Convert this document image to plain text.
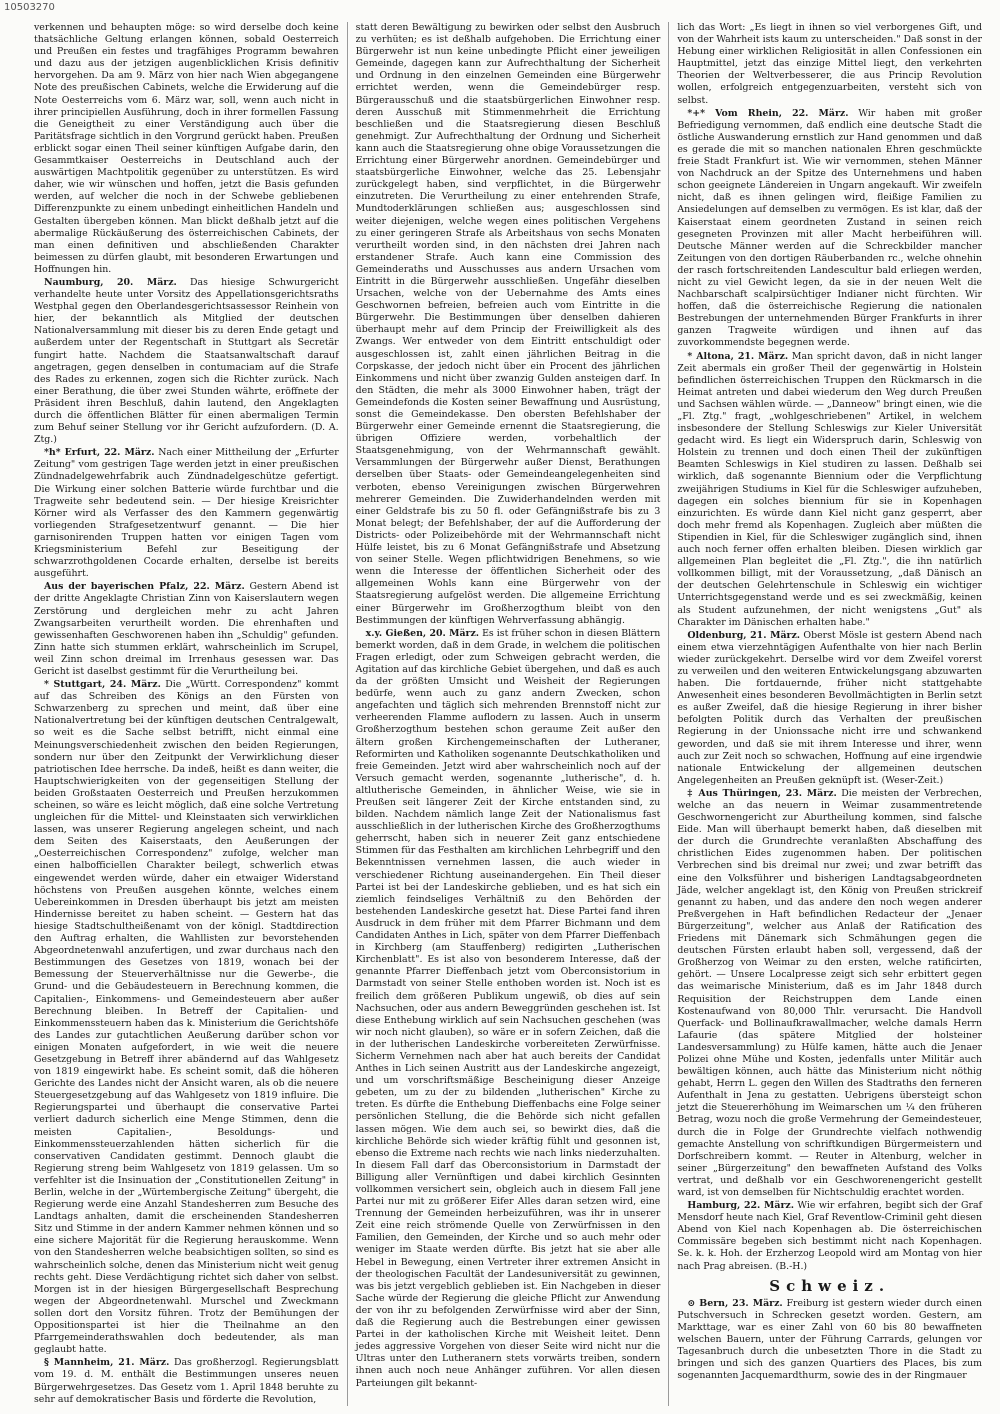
10503270

verkennen und behaupten möge: so wird derselbe doch keine thatsächliche Geltung erlangen können, sobald Oesterreich und Preußen ein festes und tragfähiges Programm bewahren und dazu aus der jetzigen augenblicklichen Krisis definitiv hervorgehen. Da am 9. März von hier nach Wien abgegangene Note des preußischen Cabinets, welche die Erwiderung auf die Note Oesterreichs vom 6. März war, soll, wenn auch nicht in ihrer principiellen Ausführung, doch in ihrer formellen Fassung die Geneigtheit zu einer Verständigung auch über die Paritätsfrage sichtlich in den Vorgrund gerückt haben. Preußen erblickt sogar einen Theil seiner künftigen Aufgabe darin, den Gesammtkaiser Oesterreichs in Deutschland auch der auswärtigen Machtpolitik gegenüber zu unterstützen. Es wird daher, wie wir wünschen und hoffen, jetzt die Basis gefunden werden, auf welcher die noch in der Schwebe gebliebenen Differenzpunkte zu einem unbedingt einheitlichen Handeln und Gestalten übergeben können. Man blickt deßhalb jetzt auf die abermalige Rückäußerung des österreichischen Cabinets, der man einen definitiven und abschließenden Charakter beimessen zu dürfen glaubt, mit besonderen Erwartungen und Hoffnungen hin.

Naumburg, 20. März. Das hiesige Schwurgericht verhandelte heute unter Vorsitz des Appellationsgerichtsraths Westphal gegen den Oberlandesgerichtsassessor Reinhein von hier, der bekanntlich als Mitglied der deutschen Nationalversammlung mit dieser bis zu deren Ende getagt und außerdem unter der Regentschaft in Stuttgart als Secretär fungirt hatte. Nachdem die Staatsanwaltschaft darauf angetragen, gegen denselben in contumaciam auf die Strafe des Rades zu erkennen, zogen sich die Richter zurück. Nach einer Berathung, die über zwei Stunden währte, eröffnete der Präsident ihren Beschluß, dahin lautend, den Angeklagten durch die öffentlichen Blätter für einen abermaligen Termin zum Behuf seiner Stellung vor ihr Gericht aufzufordern. (D. A. Ztg.)

*h* Erfurt, 22. März. Nach einer Mittheilung der „Erfurter Zeitung" vom gestrigen Tage werden jetzt in einer preußischen Zündnadelgewehrfabrik auch Zündnadelgeschütze gefertigt. Die Wirkung einer solchen Batterie würde furchtbar und die Tragweite sehr bedeutend sein. — Der hiesige Kreisrichter Körner wird als Verfasser des den Kammern gegenwärtig vorliegenden Strafgesetzentwurf genannt. — Die hier garnisonirenden Truppen hatten vor einigen Tagen vom Kriegsministerium Befehl zur Beseitigung der schwarzrothgoldenen Cocarde erhalten, derselbe ist bereits ausgeführt.

Aus der bayerischen Pfalz, 22. März. Gestern Abend ist der dritte Angeklagte Christian Zinn von Kaiserslautern wegen Zerstörung und dergleichen mehr zu acht Jahren Zwangsarbeiten verurtheilt worden. Die ehrenhaften und gewissenhaften Geschworenen haben ihn „Schuldig" gefunden. Zinn hatte sich stummen erklärt, wahrscheinlich im Scrupel, weil Zinn schon dreimal im Irrenhaus gesessen war. Das Gericht ist daselbst gestimmt für die Verurtheilung bei.

* Stuttgart, 24. März. Die „Württ. Correspondenz" kommt auf das Schreiben des Königs an den Fürsten von Schwarzenberg zu sprechen und meint, daß über eine Nationalvertretung bei der künftigen deutschen Centralgewalt, so weit es die Sache selbst betrifft, nicht einmal eine Meinungsverschiedenheit zwischen den beiden Regierungen, sondern nur über den Zeitpunkt der Verwirklichung dieser patriotischen Idee herrsche. Da indeß, heißt es dann weiter, die Hauptschwierigkeiten von der gegenseitigen Stellung der beiden Großstaaten Oesterreich und Preußen herzukommen scheinen, so wäre es leicht möglich, daß eine solche Vertretung ungleichen für die Mittel- und Kleinstaaten sich verwirklichen lassen, was unserer Regierung angelegen scheint, und nach dem Seiten des Kaiserstaats, den Aeußerungen der „Oesterreichischen Correspondenz" zufolge, welcher man einen halbofficiellen Charakter beilegt, schwerlich etwas eingewendet werden würde, daher ein etwaiger Widerstand höchstens von Preußen ausgehen könnte, welches einem Uebereinkommen in Dresden überhaupt bis jetzt am meisten Hindernisse bereitet zu haben scheint. — Gestern hat das hiesige Stadtschultheißenamt von der königl. Stadtdirection den Auftrag erhalten, die Wahllisten zur bevorstehenden Abgeordnetenwahl anzufertigen, und zwar durchaus nach den Bestimmungen des Gesetzes von 1819, wonach bei der Bemessung der Steuerverhältnisse nur die Gewerbe-, die Grund- und die Gebäudesteuern in Berechnung kommen, die Capitalien-, Einkommens- und Gemeindesteuern aber außer Berechnung bleiben. In Betreff der Capitalien- und Einkommenssteuern haben das k. Ministerium die Gerichtshöfe des Landes zur gutachtlichen Aeußerung darüber schon vor einigen Monaten aufgefordert, in wie weit die neuere Gesetzgebung in Betreff ihrer abändernd auf das Wahlgesetz von 1819 eingewirkt habe. Es scheint somit, daß die höheren Gerichte des Landes nicht der Ansicht waren, als ob die neuere Steuergesetzgebung auf das Wahlgesetz von 1819 influire. Die Regierungspartei und überhaupt die conservative Partei verliert dadurch sicherlich eine Menge Stimmen, denn die meisten Capitalien-, Besoldungs- und Einkommenssteuerzahlenden hätten sicherlich für die conservativen Candidaten gestimmt. Dennoch glaubt die Regierung streng beim Wahlgesetz von 1819 gelassen. Um so verfehlter ist die Insinuation der „Constitutionellen Zeitung" in Berlin, welche in der „Würtembergische Zeitung" übergeht, die Regierung werde eine Anzahl Standesherren zum Besuche des Landtags anhalten, damit die erscheinenden Standesherren Sitz und Stimme in der andern Kammer nehmen können und so eine sichere Majorität für die Regierung herauskomme. Wenn von den Standesherren welche beabsichtigen sollten, so sind es wahrscheinlich solche, denen das Ministerium nicht weit genug rechts geht. Diese Verdächtigung richtet sich daher von selbst. Morgen ist in der hiesigen Bürgergesellschaft Besprechung wegen der Abgeordnetenwahl. Murschel und Zweckmann sollen dort den Vorsitz führen. Trotz der Bemühungen der Oppositionspartei ist hier die Theilnahme an den Pfarrgemeinderathswahlen doch bedeutender, als man geglaubt hatte.

§ Mannheim, 21. März. Das großherzogl. Regierungsblatt vom 19. d. M. enthält die Bestimmungen unseres neuen Bürgerwehrgesetzes. Das Gesetz vom 1. April 1848 beruhte zu sehr auf demokratischer Basis und förderte die Revolution,

statt deren Bewältigung zu bewirken oder selbst den Ausbruch zu verhüten; es ist deßhalb aufgehoben. Die Errichtung einer Bürgerwehr ist nun keine unbedingte Pflicht einer jeweiligen Gemeinde, dagegen kann zur Aufrechthaltung der Sicherheit und Ordnung in den einzelnen Gemeinden eine Bürgerwehr errichtet werden, wenn die Gemeindebürger resp. Bürgerausschuß und die staatsbürgerlichen Einwohner resp. deren Ausschuß mit Stimmenmehrheit die Errichtung beschließen und die Staatsregierung diesen Beschluß genehmigt. Zur Aufrechthaltung der Ordnung und Sicherheit kann auch die Staatsregierung ohne obige Voraussetzungen die Errichtung einer Bürgerwehr anordnen. Gemeindebürger und staatsbürgerliche Einwohner, welche das 25. Lebensjahr zurückgelegt haben, sind verpflichtet, in die Bürgerwehr einzutreten. Die Verurtheilung zu einer entehrenden Strafe, Mundtoderklärungen schließen aus; ausgeschlossen sind weiter diejenigen, welche wegen eines politischen Vergehens zu einer geringeren Strafe als Arbeitshaus von sechs Monaten verurtheilt worden sind, in den nächsten drei Jahren nach erstandener Strafe. Auch kann eine Commission des Gemeinderaths und Ausschusses aus andern Ursachen vom Eintritt in die Bürgerwehr ausschließen. Ungefähr dieselben Ursachen, welche von der Uebernahme des Amts eines Geschwornen befreien, befreien auch vom Eintritte in die Bürgerwehr. Die Bestimmungen über denselben dahieren überhaupt mehr auf dem Princip der Freiwilligkeit als des Zwangs. Wer entweder von dem Eintritt entschuldigt oder ausgeschlossen ist, zahlt einen jährlichen Beitrag in die Corpskasse, der jedoch nicht über ein Procent des jährlichen Einkommens und nicht über zwanzig Gulden ansteigen darf. In den Städten, die mehr als 3000 Einwohner haben, trägt der Gemeindefonds die Kosten seiner Bewaffnung und Ausrüstung, sonst die Gemeindekasse. Den obersten Befehlshaber der Bürgerwehr einer Gemeinde ernennt die Staatsregierung, die übrigen Offiziere werden, vorbehaltlich der Staatsgenehmigung, von der Wehrmannschaft gewählt. Versammlungen der Bürgerwehr außer Dienst, Berathungen derselben über Staats- oder Gemeindeangelegenheiten sind verboten, ebenso Vereinigungen zwischen Bürgerwehren mehrerer Gemeinden. Die Zuwiderhandelnden werden mit einer Geldstrafe bis zu 50 fl. oder Gefängnißstrafe bis zu 3 Monat belegt; der Befehlshaber, der auf die Aufforderung der Districts- oder Polizeibehörde mit der Wehrmannschaft nicht Hülfe leistet, bis zu 6 Monat Gefängnißstrafe und Absetzung von seiner Stelle. Wegen pflichtwidrigen Benehmens, so wie wenn die Interesse der öffentlichen Sicherheit oder des allgemeinen Wohls kann eine Bürgerwehr von der Staatsregierung aufgelöst werden. Die allgemeine Errichtung einer Bürgerwehr im Großherzogthum bleibt von den Bestimmungen der künftigen Wehrverfassung abhängig.

x.y. Gießen, 20. März. Es ist früher schon in diesen Blättern bemerkt worden, daß in dem Grade, in welchem die politischen Fragen erledigt, oder zum Schweigen gebracht werden, die Agitation auf das kirchliche Gebiet übergehen, und daß es auch da der größten Umsicht und Weisheit der Regierungen bedürfe, wenn auch zu ganz andern Zwecken, schon angefachten und täglich sich mehrenden Brennstoff nicht zur verheerenden Flamme auflodern zu lassen. Auch in unserm Großherzogthum bestehen schon geraume Zeit außer den ältern großen Kirchengemeinschaften der Lutheraner, Reformirten und Katholiken sogenannte Deutschkatholiken und freie Gemeinden. Jetzt wird aber wahrscheinlich noch auf der Versuch gemacht werden, sogenannte „lutherische", d. h. altlutherische Gemeinden, in ähnlicher Weise, wie sie in Preußen seit längerer Zeit der Kirche entstanden sind, zu bilden. Nachdem nämlich lange Zeit der Nationalismus fast ausschließlich in der lutherischen Kirche des Großherzogthums geherrscht, haben sich in neuerer Zeit ganz entschiedene Stimmen für das Festhalten am kirchlichen Lehrbegriff und den Bekenntnissen vernehmen lassen, die auch wieder in verschiedener Richtung auseinandergehen. Ein Theil dieser Partei ist bei der Landeskirche geblieben, und es hat sich ein ziemlich feindseliges Verhältniß zu den Behörden der bestehenden Landeskirche gesetzt hat. Diese Partei fand ihren Ausdruck in dem früher mit dem Pfarrer Bichmann und dem Candidaten Anthes in Lich, später von dem Pfarrer Dieffenbach in Kirchberg (am Stauffenberg) redigirten „Lutherischen Kirchenblatt". Es ist also von besonderem Interesse, daß der genannte Pfarrer Dieffenbach jetzt vom Oberconsistorium in Darmstadt von seiner Stelle enthoben worden ist. Noch ist es freilich dem größeren Publikum ungewiß, ob dies auf sein Nachsuchen, oder aus andern Beweggründen geschehen ist. Ist diese Enthebung wirklich auf sein Nachsuchen geschehen (was wir noch nicht glauben), so wäre er in sofern Zeichen, daß die in der lutherischen Landeskirche vorbereiteten Zerwürfnisse. Sicherm Vernehmen nach aber hat auch bereits der Candidat Anthes in Lich seinen Austritt aus der Landeskirche angezeigt, und um vorschriftsmäßige Bescheinigung dieser Anzeige gebeten, um zu der zu bildenden „lutherischen" Kirche zu treten. Es dürfte die Enthebung Dieffenbachs eine Folge seiner persönlichen Stellung, die die Behörde sich nicht gefallen lassen mögen. Wie dem auch sei, so bewirkt dies, daß die kirchliche Behörde sich wieder kräftig fühlt und gesonnen ist, ebenso die Extreme nach rechts wie nach links niederzuhalten. In diesem Fall darf das Oberconsistorium in Darmstadt der Billigung aller Vernünftigen und dabei kirchlich Gesinnten vollkommen versichert sein, obgleich auch in diesem Fall jene Partei nur mit zu größerer Eifer Alles daran setzen wird, eine Trennung der Gemeinden herbeizuführen, was ihr in unserer Zeit eine reich strömende Quelle von Zerwürfnissen in den Familien, den Gemeinden, der Kirche und so auch mehr oder weniger im Staate werden dürfte. Bis jetzt hat sie aber alle Hebel in Bewegung, einen Vertreter ihrer extremen Ansicht in der theologischen Facultät der Landesuniversität zu gewinnen, was bis jetzt vergeblich geblieben ist. Ein Nachgeben in dieser Sache würde der Regierung die gleiche Pflicht zur Anwendung der von ihr zu befolgenden Zerwürfnisse wird aber der Sinn, daß die Regierung auch die Bestrebungen einer gewissen Partei in der katholischen Kirche mit Weisheit leitet. Denn jedes aggressive Vorgehen von dieser Seite wird nicht nur die Ultras unter den Lutheranern stets vorwärts treiben, sondern ihnen auch noch neue Anhänger zuführen. Vor allen diesen Parteiungen gilt bekannt-

lich das Wort: „Es liegt in ihnen so viel verborgenes Gift, und von der Wahrheit ists kaum zu unterscheiden." Daß sonst in der Hebung einer wirklichen Religiosität in allen Confessionen ein Hauptmittel, jetzt das einzige Mittel liegt, den verkehrten Theorien der Weltverbesserer, die aus Princip Revolution wollen, erfolgreich entgegenzuarbeiten, versteht sich von selbst.

*+* Vom Rhein, 22. März. Wir haben mit großer Befriedigung vernommen, daß endlich eine deutsche Stadt die östliche Auswanderung ernstlich zur Hand genommen und daß es gerade die mit so manchen nationalen Ehren geschmückte freie Stadt Frankfurt ist. Wie wir vernommen, stehen Männer von Nachdruck an der Spitze des Unternehmens und haben schon geeignete Ländereien in Ungarn angekauft. Wir zweifeln nicht, daß es ihnen gelingen wird, fleißige Familien zu Ansiedelungen auf demselben zu vermögen. Es ist klar, daß der Kaiserstaat einem geordneten Zustand in seinen reich gesegneten Provinzen mit aller Macht herbeiführen will. Deutsche Männer werden auf die Schreckbilder mancher Zeitungen von den dortigen Räuberbanden rc., welche ohnehin der rasch fortschreitenden Landescultur bald erliegen werden, nicht zu viel Gewicht legen, da sie in der neuen Welt die Nachbarschaft scalpirsüchtiger Indianer nicht fürchten. Wir hoffen, daß die österreichische Regierung die nationalen Bestrebungen der unternehmenden Bürger Frankfurts in ihrer ganzen Tragweite würdigen und ihnen auf das zuvorkommendste begegnen werde.

* Altona, 21. März. Man spricht davon, daß in nicht langer Zeit abermals ein großer Theil der gegenwärtig in Holstein befindlichen österreichischen Truppen den Rückmarsch in die Heimat antreten und dabei wiederum den Weg durch Preußen und Sachsen wählen würde. — „Danneow" bringt einen, wie die „Fl. Ztg." fragt, „wohlgeschriebenen" Artikel, in welchem insbesondere der Stellung Schleswigs zur Kieler Universität gedacht wird. Es liegt ein Widerspruch darin, Schleswig von Holstein zu trennen und doch einen Theil der zukünftigen Beamten Schleswigs in Kiel studiren zu lassen. Deßhalb sei wirklich, daß sogenannte Biennium oder die Verpflichtung zweijährigen Studiums in Kiel für die Schleswiger aufzuheben, dagegen ein solches biennium für sie in Kopenhagen einzurichten. Es würde dann Kiel nicht ganz gesperrt, aber doch mehr fremd als Kopenhagen. Zugleich aber müßten die Stipendien in Kiel, für die Schleswiger zugänglich sind, ihnen auch noch ferner offen erhalten bleiben. Diesen wirklich gar allgemeinen Plan begleitet die „Fl. Ztg.", die ihn natürlich vollkommen billigt, mit der Voraussetzung, „daß Dänisch an der deutschen Gelehrtenschule in Schleswig ein wichtiger Unterrichtsgegenstand werde und es sei zweckmäßig, keinen als Student aufzunehmen, der nicht wenigstens „Gut" als Charakter im Dänischen erhalten habe."

Oldenburg, 21. März. Oberst Mösle ist gestern Abend nach einem etwa vierzehntägigen Aufenthalte von hier nach Berlin wieder zurückgekehrt. Derselbe wird vor dem Zweifel vorerst zu verweilen und den weiteren Entwickelungsgang abzuwarten haben. Die fortdauernde, früher nicht stattgehabte Anwesenheit eines besonderen Bevollmächtigten in Berlin setzt es außer Zweifel, daß die hiesige Regierung in ihrer bisher befolgten Politik durch das Verhalten der preußischen Regierung in der Unionssache nicht irre und schwankend geworden, und daß sie mit ihrem Interesse und ihrer, wenn auch zur Zeit noch so schwachen, Hoffnung auf eine irgendwie nationale Entwickelung der allgemeinen deutschen Angelegenheiten an Preußen geknüpft ist. (Weser-Zeit.)

‡ Aus Thüringen, 23. März. Die meisten der Verbrechen, welche an das neuern in Weimar zusammentretende Geschwornengericht zur Aburtheilung kommen, sind falsche Eide. Man will überhaupt bemerkt haben, daß dieselben mit der durch die Grundrechte veranlaßten Abschaffung des christlichen Eides zugenommen haben. Der politischen Verbrechen sind bis dreimal nur zwei; und zwar betrifft das eine den Volksführer und bisherigen Landtagsabgeordneten Jäde, welcher angeklagt ist, den König von Preußen strickreif genannt zu haben, und das andere den noch wegen anderer Preßvergehen in Haft befindlichen Redacteur der „Jenaer Bürgerzeitung", welcher aus Anlaß der Ratification des Friedens mit Dänemark sich Schmähungen gegen die deutschen Fürsten erlaubt haben soll, vergessend, daß der Großherzog von Weimar zu den ersten, welche ratificirten, gehört. — Unsere Localpresse zeigt sich sehr erbittert gegen das weimarische Ministerium, daß es im Jahr 1848 durch Requisition der Reichstruppen dem Lande einen Kostenaufwand von 80,000 Thlr. verursacht. Die Handvoll Querfack- und Bollinaufkrawallmacher, welche damals Herrn Lafaurie (das spätere Mitglied der holsteiner Landesversammlung) zu Hülfe kamen, hätte auch die Jenaer Polizei ohne Mühe und Kosten, jedenfalls unter Militär auch bewältigen können, auch hätte das Ministerium nicht nöthig gehabt, Herrn L. gegen den Willen des Stadtraths den ferneren Aufenthalt in Jena zu gestatten. Uebrigens übersteigt schon jetzt die Steuererhöhung im Weimarschen um ¼ den früheren Betrag, wozu noch die große Vermehrung der Gemeindesteuer, durch die in Folge der Grundrechte vielfach nothwendig gemachte Anstellung von schriftkundigen Bürgermeistern und Dorfschreibern kommt. — Reuter in Altenburg, welcher in seiner „Bürgerzeitung" den bewaffneten Aufstand des Volks vertrat, und deßhalb vor ein Geschworenengericht gestellt ward, ist von demselben für Nichtschuldig erachtet worden.

Hamburg, 22. März. Wie wir erfahren, begibt sich der Graf Mensdorf heute nach Kiel, Graf Reventlow-Criminil geht diesen Abend von Kiel nach Kopenhagen ab. Die österreichischen Commissäre begeben sich bestimmt nicht nach Kopenhagen. Se. k. k. Hoh. der Erzherzog Leopold wird am Montag von hier nach Prag abreisen. (B.-H.)

Schweiz.

⊙ Bern, 23. März. Freiburg ist gestern wieder durch einen Putschversuch in Schrecken gesetzt worden. Gestern, am Markttage, war es einer Zahl von 60 bis 80 bewaffneten welschen Bauern, unter der Führung Carrards, gelungen vor Tagesanbruch durch die unbesetzten Thore in die Stadt zu bringen und sich des ganzen Quartiers des Places, bis zum sogenannten Jacquemardthurm, sowie des in der Ringmauer
